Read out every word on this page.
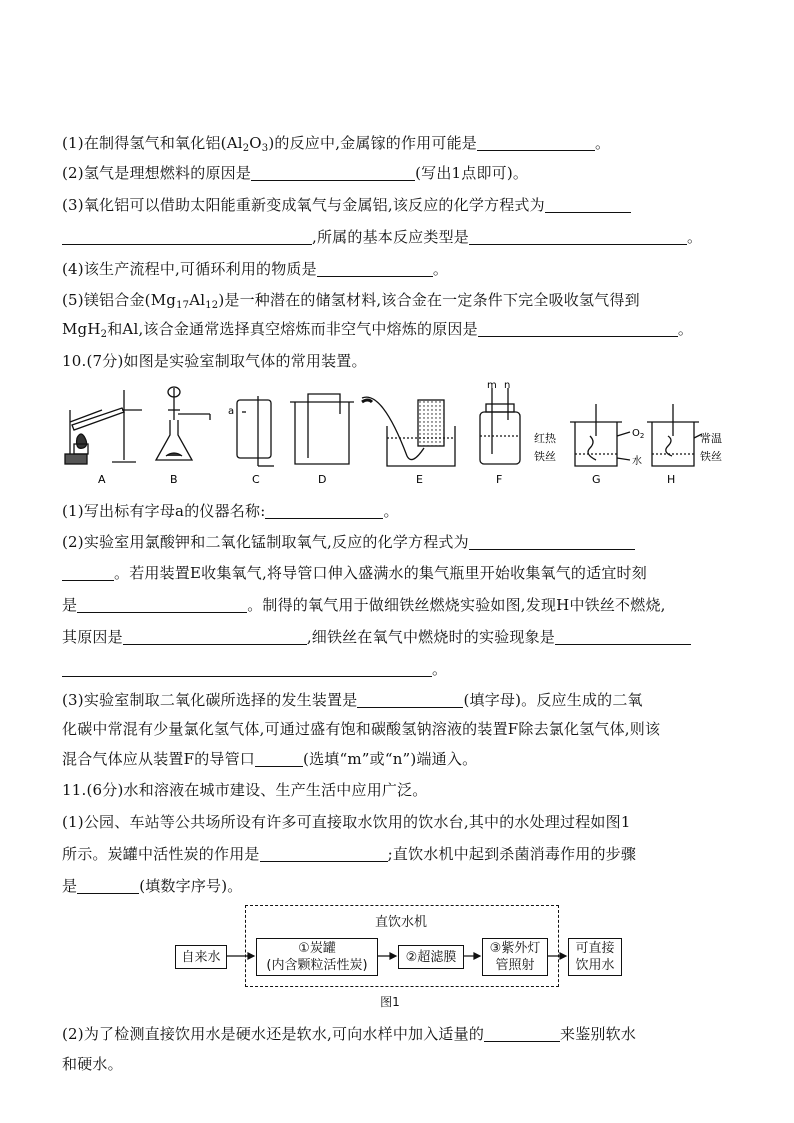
(1)在制得氢气和氧化铝$(Al_2O_3)$的反应中,金属镓的作用可能是	。
(2)氢气是理想燃料的原因是	(写出1点即可)。
(3)氧化铝可以借助太阳能重新变成氧气与金属铝,该反应的化学方程式为
,所属的基本反应类型是	。
(4)该生产流程中,可循环利用的物质是	。
(5)镁铝合金$(Mg_{17}Al_{12})$是一种潜在的储氢材料,该合金在一定条件下完全吸收氢气得到
MgH$_2$和Al,该合金通常选择真空熔炼而非空气中熔炼的原因是	。
10.(7分)如图是实验室制取气体的常用装置。
A	B	C	D	E	F	G	H
a
m n
$O_2$
红热
铁丝	水
常温
铁丝
(1)写出标有字母a的仪器名称:	。
(2)实验室用氯酸钾和二氧化锰制取氧气,反应的化学方程式为
。若用装置E收集氧气,将导管口伸入盛满水的集气瓶里开始收集氧气的适宜时刻
是	。制得的氧气用于做细铁丝燃烧实验如图,发现H中铁丝不燃烧,
其原因是	,细铁丝在氧气中燃烧时的实验现象是
。
(3)实验室制取二氧化碳所选择的发生装置是	(填字母)。反应生成的二氧
化碳中常混有少量氯化氢气体,可通过盛有饱和碳酸氢钠溶液的装置F除去氯化氢气体,则该
混合气体应从装置F的导管口	(选填“m”或“n”)端通入。
11.(6分)水和溶液在城市建设、生产生活中应用广泛。
(1)公园、车站等公共场所设有许多可直接取水饮用的饮水台,其中的水处理过程如图1
所示。炭罐中活性炭的作用是	;直饮水机中起到杀菌消毒作用的步骤
是	(填数字序号)。
直饮水机
自来水
①炭罐
(内含颗粒活性炭)
②超滤膜
③紫外灯
管照射
可直接
饮用水
图1
(2)为了检测直接饮用水是硬水还是软水,可向水样中加入适量的	来鉴别软水
和硬水。
